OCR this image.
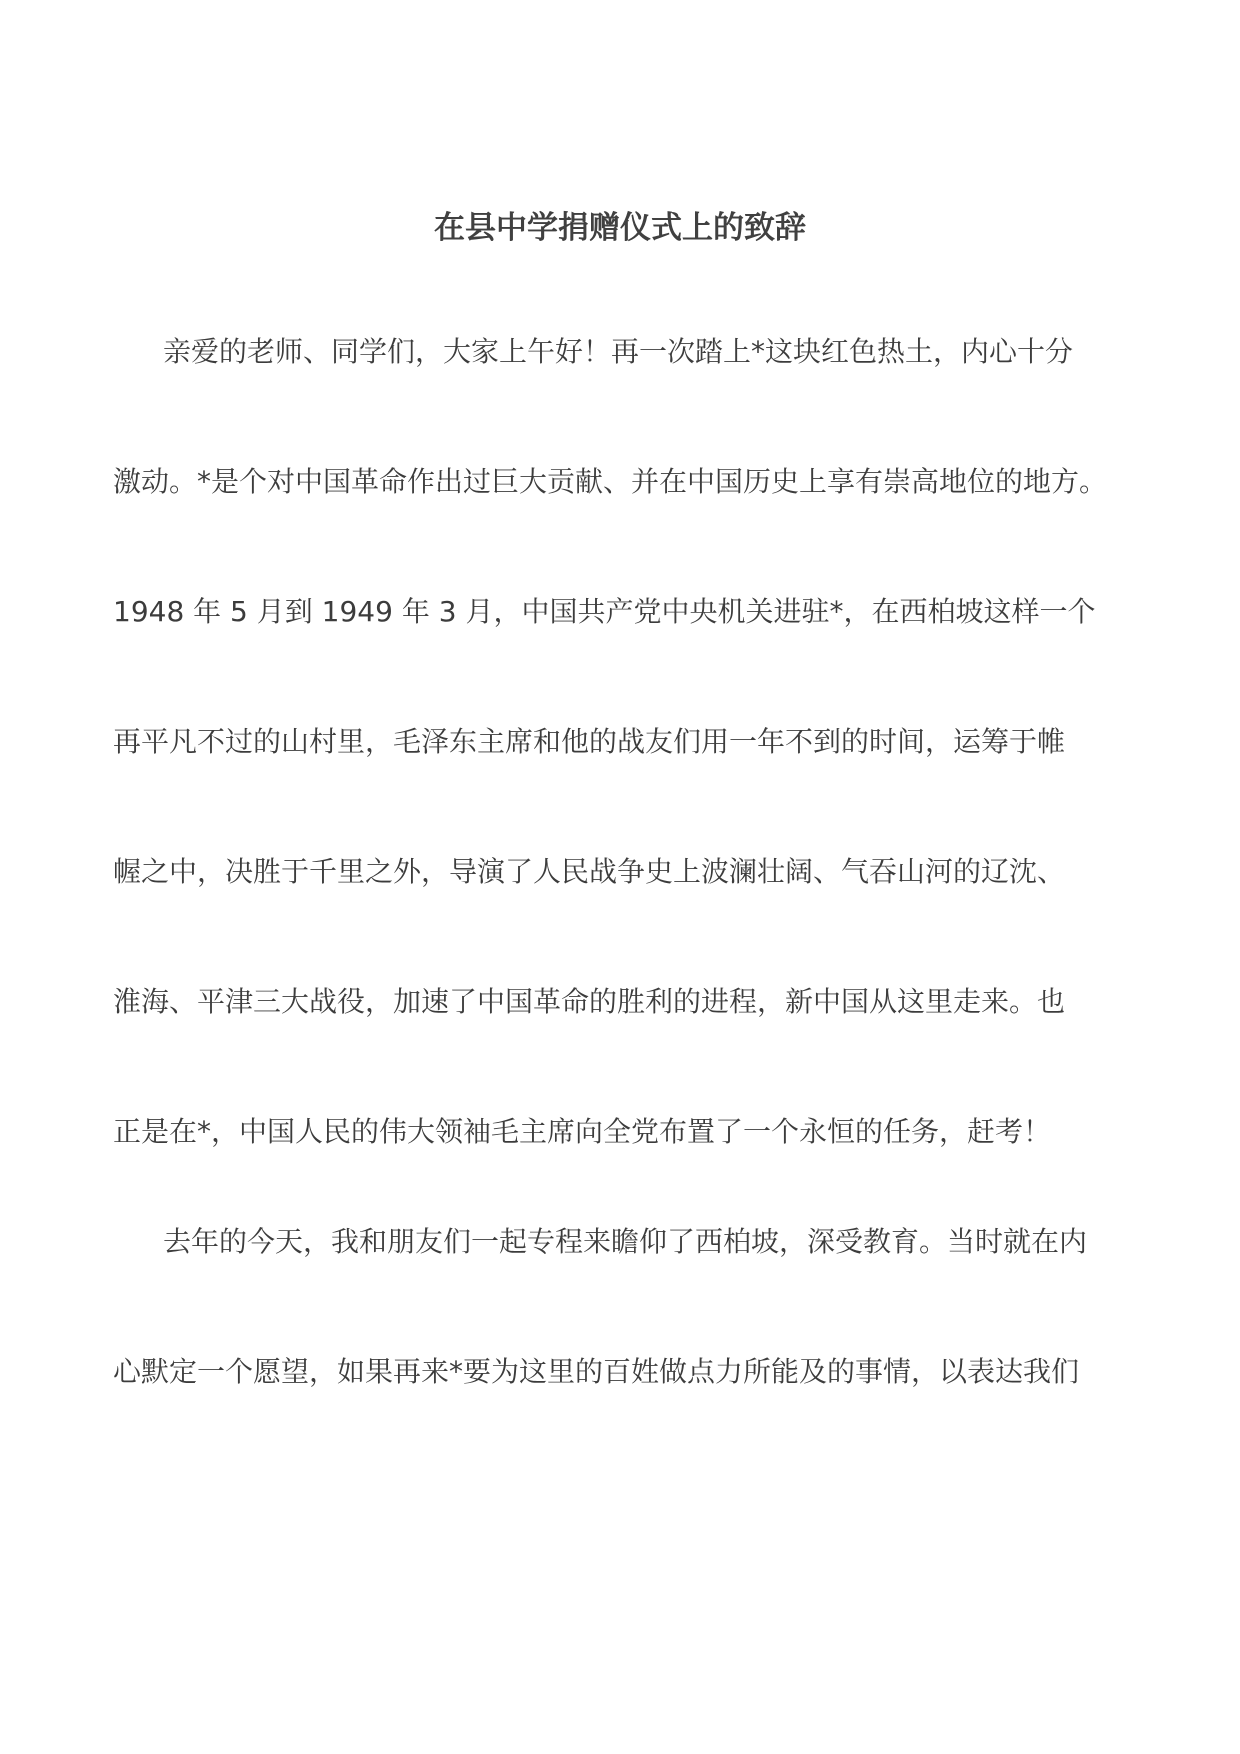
在县中学捐赠仪式上的致辞
亲爱的老师、同学们，大家上午好！再一次踏上*这块红色热土，内心十分
激动。*是个对中国革命作出过巨大贡献、并在中国历史上享有崇高地位的地方。
1948 年 5 月到 1949 年 3 月，中国共产党中央机关进驻*，在西柏坡这样一个
再平凡不过的山村里，毛泽东主席和他的战友们用一年不到的时间，运筹于帷
幄之中，决胜于千里之外，导演了人民战争史上波澜壮阔、气吞山河的辽沈、
淮海、平津三大战役，加速了中国革命的胜利的进程，新中国从这里走来。也
正是在*，中国人民的伟大领袖毛主席向全党布置了一个永恒的任务，赶考！
去年的今天，我和朋友们一起专程来瞻仰了西柏坡，深受教育。当时就在内
心默定一个愿望，如果再来*要为这里的百姓做点力所能及的事情，以表达我们
